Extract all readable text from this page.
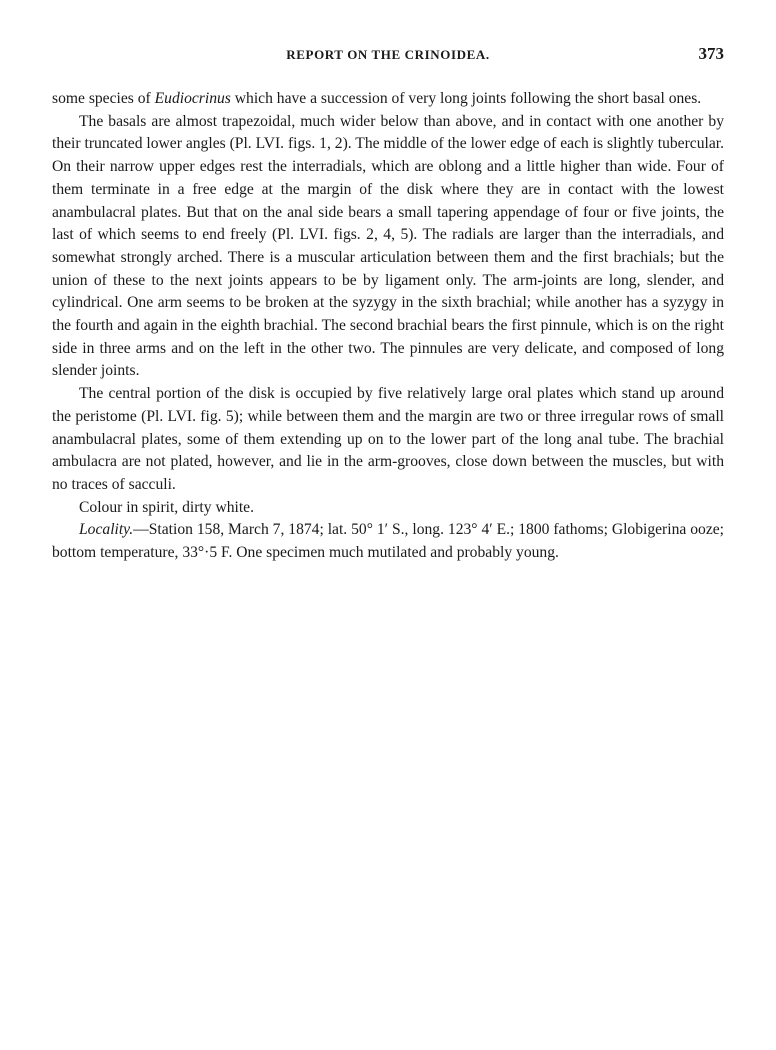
REPORT ON THE CRINOIDEA.	373

some species of Eudiocrinus which have a succession of very long joints following the short basal ones.

The basals are almost trapezoidal, much wider below than above, and in contact with one another by their truncated lower angles (Pl. LVI. figs. 1, 2). The middle of the lower edge of each is slightly tubercular. On their narrow upper edges rest the interradials, which are oblong and a little higher than wide. Four of them terminate in a free edge at the margin of the disk where they are in contact with the lowest anambulacral plates. But that on the anal side bears a small tapering appendage of four or five joints, the last of which seems to end freely (Pl. LVI. figs. 2, 4, 5). The radials are larger than the interradials, and somewhat strongly arched. There is a muscular articulation between them and the first brachials; but the union of these to the next joints appears to be by ligament only. The arm-joints are long, slender, and cylindrical. One arm seems to be broken at the syzygy in the sixth brachial; while another has a syzygy in the fourth and again in the eighth brachial. The second brachial bears the first pinnule, which is on the right side in three arms and on the left in the other two. The pinnules are very delicate, and composed of long slender joints.

The central portion of the disk is occupied by five relatively large oral plates which stand up around the peristome (Pl. LVI. fig. 5); while between them and the margin are two or three irregular rows of small anambulacral plates, some of them extending up on to the lower part of the long anal tube. The brachial ambulacra are not plated, however, and lie in the arm-grooves, close down between the muscles, but with no traces of sacculi.

Colour in spirit, dirty white.

Locality.—Station 158, March 7, 1874; lat. 50° 1′ S., long. 123° 4′ E.; 1800 fathoms; Globigerina ooze; bottom temperature, 33°·5 F. One specimen much mutilated and probably young.
